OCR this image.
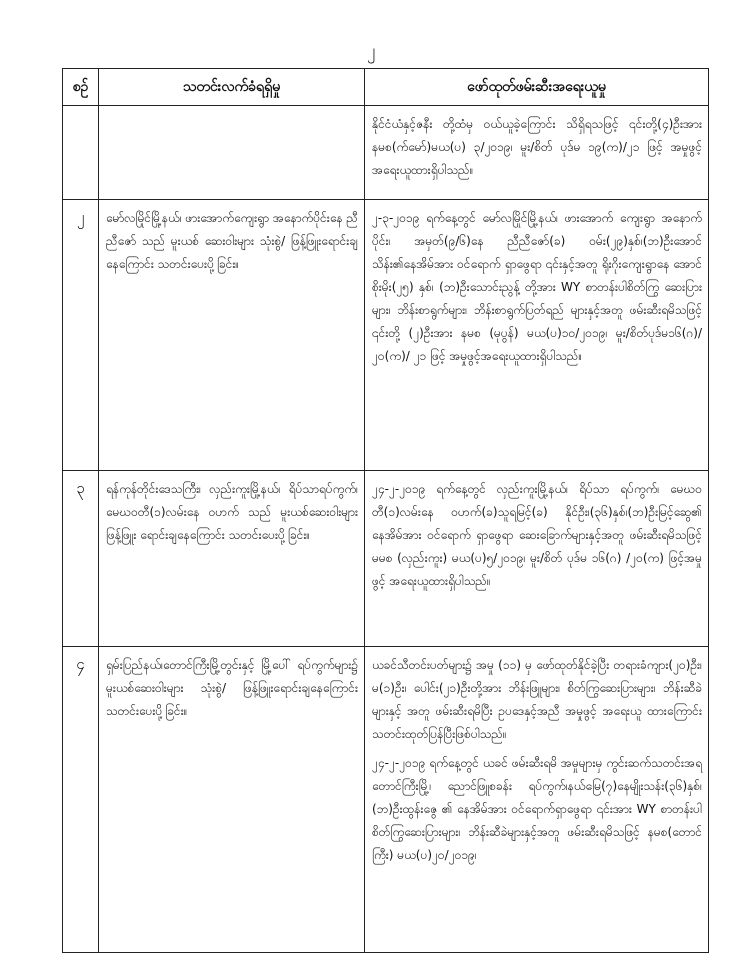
၂
စဉ်	သတင်းလက်ခံရရှိမှု	ဖော်ထုတ်ဖမ်းဆီးအရေးယူမှု

		နိုင်ငံယံနှင့်ဇနီး တို့ထံမှ ဝယ်ယူခဲ့ကြောင်း သိရှိရသဖြင့် ၎င်းတို့(၄)ဦးအား နမစ(က်မော်)မယ(ပ) ၃/၂၀၁၉၊ မူး/စိတ် ပုဒ်မ ၁၉(က)/၂၁ ဖြင့် အမှုဖွင့် အရေးယူထားရှိပါသည်။

၂	မော်လမြိုင်မြို့နယ်၊ ဖားအောက်ကျေးရွာ အနောက်ပိုင်းနေ ညီညီဇော် သည် မူးယစ် ဆေးဝါးများ သုံးစွဲ/ ဖြန့်ဖြူးရောင်းချ နေကြောင်း သတင်းပေးပို့ခြင်း။	၂-၃-၂၀၁၉ ရက်နေ့တွင် မော်လမြိုင်မြို့နယ်၊ ဖားအောက် ကျေးရွာ အနောက်ပိုင်း၊ အမှတ်(၉/၆)နေ ညီညီဇော်(ခ) ဝမ်း(၂၉)နှစ်၊(ဘ)ဦးအောင်သိန်း၏နေအိမ်အား ဝင်ရောက် ရှာဖွေရာ ၎င်းနှင့်အတူ ရိုးဂိုးကျေးရွာနေ အောင်စိုးမိုး(၂၅) နှစ်၊ (ဘ)ဦးသောင်းညွန့် တို့အား WY စာတန်းပါစိတ်ကြွ ဆေးပြားများ၊ ဘိန်းစာရွက်များ၊ ဘိန်းစာရွက်ပြတ်ရည် များနှင့်အတူ ဖမ်းဆီးရမိသဖြင့် ၎င်းတို့ (၂)ဦးအား နမစ (မုပွန်) မယ(ပ)၁၀/၂၀၁၉၊ မူး/စိတ်ပုဒ်မ၁၆(ဂ)/၂၀(က)/ ၂၁ ဖြင့် အမှုဖွင့်အရေးယူထားရှိပါသည်။

၃	ရန်ကုန်တိုင်းဒေသကြီး၊ လှည်းကူးမြို့နယ်၊ ရိပ်သာရပ်ကွက်၊ မေဃဝတီ(၁)လမ်းနေ ဝဟက် သည် မူးယစ်ဆေးဝါးများ ဖြန့်ဖြူး ရောင်းချနေကြောင်း သတင်းပေးပို့ခြင်း။	၂၄-၂-၂၀၁၉ ရက်နေ့တွင် လှည်းကူးမြို့နယ်၊ ရိပ်သာ ရပ်ကွက်၊ မေဃဝတီ(၁)လမ်းနေ ဝဟက်(ခ)သူရမြင့်(ခ) နိုင်ဦး၊(၃၆)နှစ်၊(ဘ)ဦးမြင့်ဆွေ၏ နေအိမ်အား ဝင်ရောက် ရှာဖွေရာ ဆေးခြောက်များနှင့်အတူ ဖမ်းဆီးရမိသဖြင့် မမစ (လှည်းကူး) မယ(ပ)၅/၂၀၁၉၊ မူး/စိတ် ပုဒ်မ ၁၆(ဂ) /၂၀(က) ဖြင့်အမှုဖွင့် အရေးယူထားရှိပါသည်။

၄	ရှမ်းပြည်နယ်၊တောင်ကြီးမြို့တွင်းနှင့် မြို့ပေါ် ရပ်ကွက်များ၌ မူးယစ်ဆေးဝါးများ သုံးစွဲ/ ဖြန့်ဖြူးရောင်းချနေကြောင်းသတင်းပေးပို့ခြင်း။	ယခင်သီတင်းပတ်များ၌ အမှု (၁၁) မှ ဖော်ထုတ်နိုင်ခဲ့ပြီး တရားခံကျား(၂၀)ဦး၊ မ(၁)ဦး၊ ပေါင်း(၂၁)ဦးတို့အား ဘိန်းဖြူများ၊ စိတ်ကြွဆေးပြားများ၊ ဘိန်းဆီခဲများနှင့် အတူ ဖမ်းဆီးရမိပြီး ဥပဒေနှင့်အညီ အမှုဖွင့် အရေးယူ ထားကြောင်း သတင်းထုတ်ပြန်ပြီးဖြစ်ပါသည်။

၂၄-၂-၂၀၁၉ ရက်နေ့တွင် ယခင် ဖမ်းဆီးရမိ အမှုများမှ ကွင်းဆက်သတင်းအရ တောင်ကြီးမြို့၊ ညောင်ဖြူစခန်း ရပ်ကွက်၊နယ်မြေ(၇)နေမျိုးသန်း(၃၆)နှစ်၊ (ဘ)ဦးထွန်းဇွေ ၏ နေအိမ်အား ဝင်ရောက်ရှာဖွေရာ ၎င်းအား WY စာတန်းပါ စိတ်ကြွဆေးပြားများ၊ ဘိန်းဆီခဲများနှင့်အတူ ဖမ်းဆီးရမိသဖြင့် နမစ(တောင်ကြီး) မယ(ပ)၂၀/၂၀၁၉၊
